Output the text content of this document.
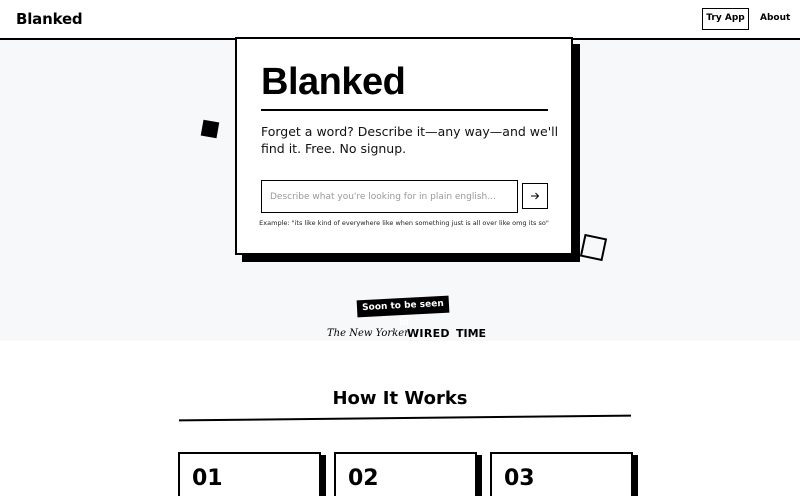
Blanked	Try App	About
Blanked

Forget a word? Describe it—any way—and we'll find it. Free. No signup.

Describe what you're looking for in plain english...
Example: "its like kind of everywhere like when something just is all over like omg its so"
Soon to be seen in
The New Yorker
WIRED TIME
How It Works
01	02	03
